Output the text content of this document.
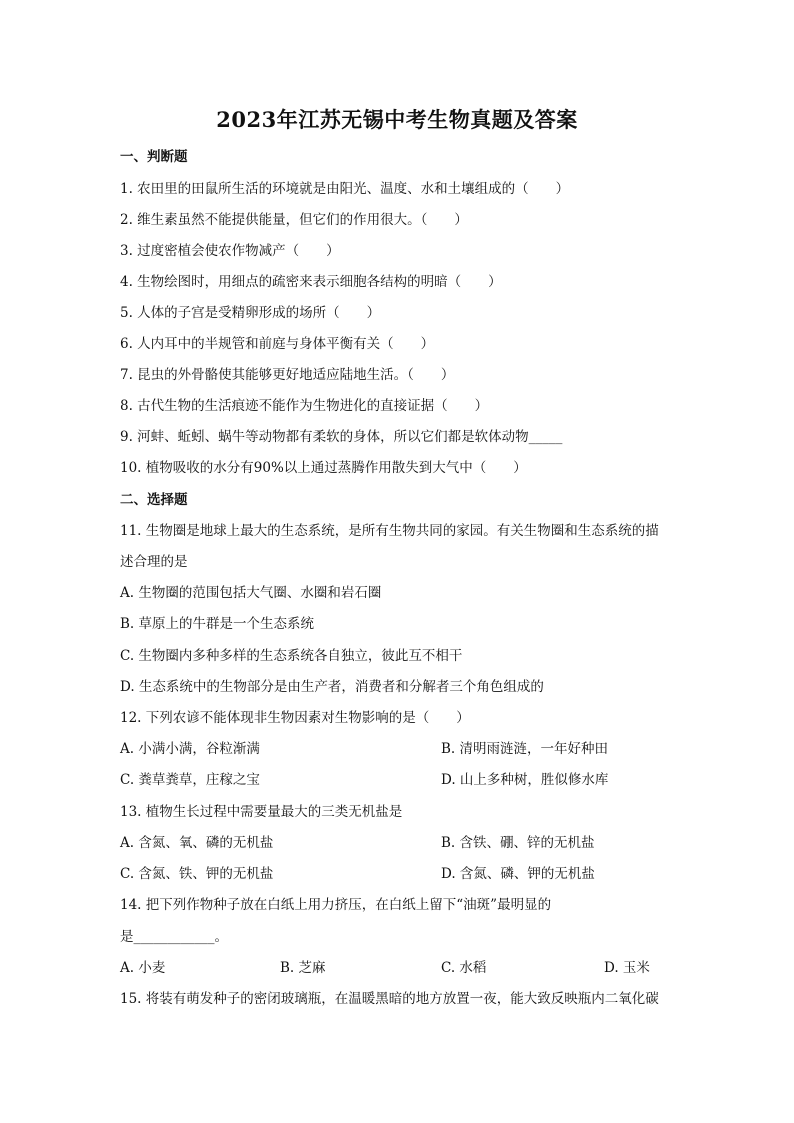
2023年江苏无锡中考生物真题及答案
一、判断题
1. 农田里的田鼠所生活的环境就是由阳光、温度、水和土壤组成的（　　）
2. 维生素虽然不能提供能量，但它们的作用很大。（　　）
3. 过度密植会使农作物减产（　　）
4. 生物绘图时，用细点的疏密来表示细胞各结构的明暗（　　）
5. 人体的子宫是受精卵形成的场所（　　）
6. 人内耳中的半规管和前庭与身体平衡有关（　　）
7. 昆虫的外骨骼使其能够更好地适应陆地生活。（　　）
8. 古代生物的生活痕迹不能作为生物进化的直接证据（　　）
9. 河蚌、蚯蚓、蜗牛等动物都有柔软的身体，所以它们都是软体动物_____
10. 植物吸收的水分有90%以上通过蒸腾作用散失到大气中（　　）
二、选择题
11. 生物圈是地球上最大的生态系统，是所有生物共同的家园。有关生物圈和生态系统的描
述合理的是
A. 生物圈的范围包括大气圈、水圈和岩石圈
B. 草原上的牛群是一个生态系统
C. 生物圈内多种多样的生态系统各自独立，彼此互不相干
D. 生态系统中的生物部分是由生产者，消费者和分解者三个角色组成的
12. 下列农谚不能体现非生物因素对生物影响的是（　　）
A. 小满小满，谷粒渐满	B. 清明雨涟涟，一年好种田
C. 粪草粪草，庄稼之宝	D. 山上多种树，胜似修水库
13. 植物生长过程中需要量最大的三类无机盐是
A. 含氮、氧、磷的无机盐	B. 含铁、硼、锌的无机盐
C. 含氮、铁、钾的无机盐	D. 含氮、磷、钾的无机盐
14. 把下列作物种子放在白纸上用力挤压，在白纸上留下“油斑”最明显的
是____________。
A. 小麦	B. 芝麻	C. 水稻	D. 玉米
15. 将装有萌发种子的密闭玻璃瓶，在温暖黑暗的地方放置一夜，能大致反映瓶内二氧化碳
